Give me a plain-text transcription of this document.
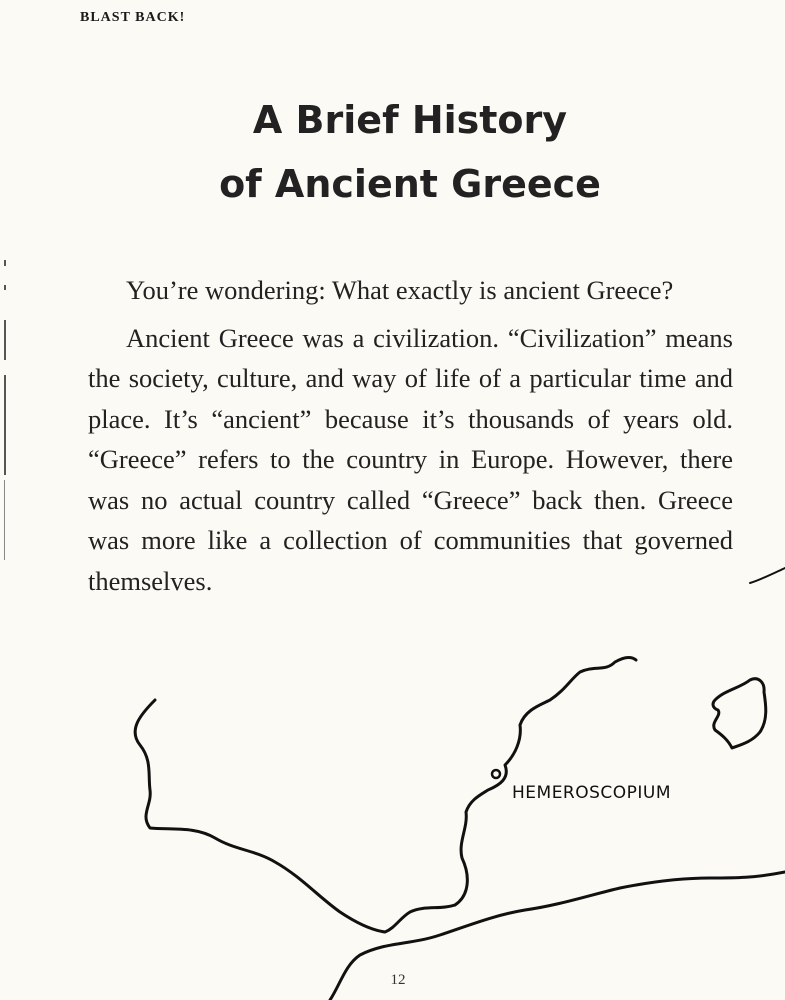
BLAST BACK!
A Brief History
of Ancient Greece

You’re wondering: What exactly is ancient Greece?

Ancient Greece was a civilization. “Civilization” means the society, culture, and way of life of a particular time and place. It’s “ancient” because it’s thousands of years old. “Greece” refers to the country in Europe. However, there was no actual country called “Greece” back then. Greece was more like a collection of communities that governed themselves.

HEMEROSCOPIUM
12
